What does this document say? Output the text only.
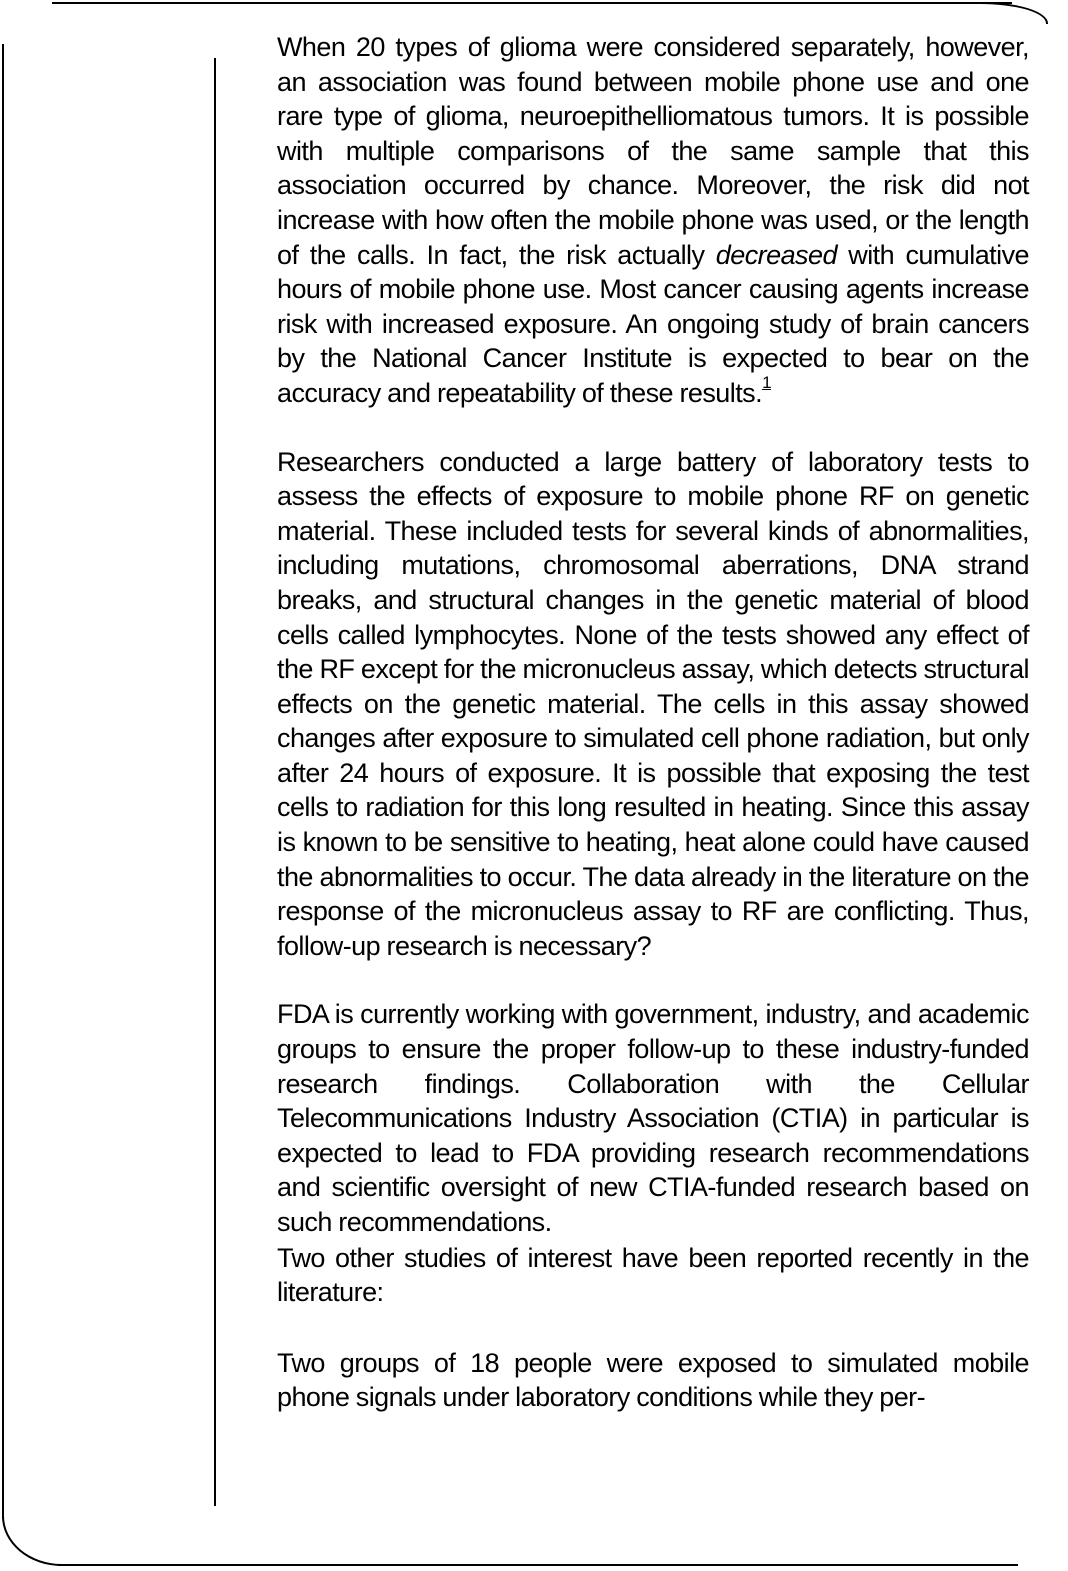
When 20 types of glioma were considered separately, however, an association was found between mobile phone use and one rare type of glioma, neuroepithelliomatous tumors. It is possible with multiple comparisons of the same sample that this association occurred by chance. Moreover, the risk did not increase with how often the mobile phone was used, or the length of the calls. In fact, the risk actually decreased with cumulative hours of mobile phone use. Most cancer causing agents increase risk with increased exposure. An ongoing study of brain cancers by the National Cancer Institute is expected to bear on the accuracy and repeatability of these results.$^1$

Researchers conducted a large battery of laboratory tests to assess the effects of exposure to mobile phone RF on genetic material. These included tests for several kinds of abnormalities, including mutations, chromosomal aberrations, DNA strand breaks, and structural changes in the genetic material of blood cells called lymphocytes. None of the tests showed any effect of the RF except for the micronucleus assay, which detects structural effects on the genetic material. The cells in this assay showed changes after exposure to simulated cell phone radiation, but only after 24 hours of exposure. It is possible that exposing the test cells to radiation for this long resulted in heating. Since this assay is known to be sensitive to heating, heat alone could have caused the abnormalities to occur. The data already in the literature on the response of the micronucleus assay to RF are conflicting. Thus, follow-up research is necessary?

FDA is currently working with government, industry, and academic groups to ensure the proper follow-up to these industry-funded research findings. Collaboration with the Cellular Telecommunications Industry Association (CTIA) in particular is expected to lead to FDA providing research recommendations and scientific oversight of new CTIA-funded research based on such recommendations.

Two other studies of interest have been reported recently in the literature:

Two groups of 18 people were exposed to simulated mobile phone signals under laboratory conditions while they per-
